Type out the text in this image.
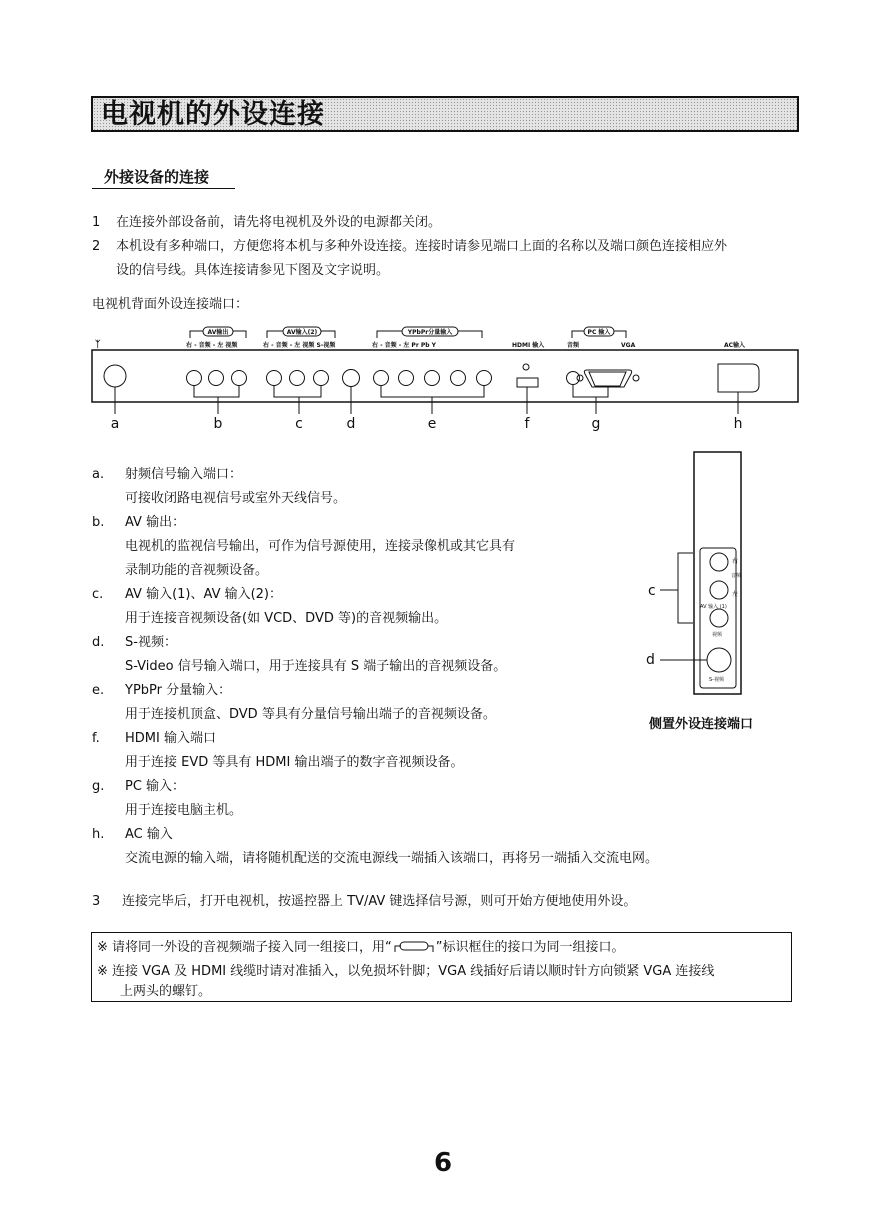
电视机的外设连接
外接设备的连接
1 在连接外部设备前，请先将电视机及外设的电源都关闭。
2 本机设有多种端口，方便您将本机与多种外设连接。连接时请参见端口上面的名称以及端口颜色连接相应外
设的信号线。具体连接请参见下图及文字说明。
电视机背面外设连接端口：
AV输出	AV输入(2)	YPbPr分量输入	PC 输入
ᛉ	右 - 音频 - 左 视频	右 - 音频 - 左 视频 S-视频	右 - 音频 - 左 Pr Pb Y	HDMI 输入	音频	VGA	AC输入
a	b	c	d	e	f	g	h
a. 射频信号输入端口：
可接收闭路电视信号或室外天线信号。
b. AV 输出：
电视机的监视信号输出，可作为信号源使用，连接录像机或其它具有
录制功能的音视频设备。
c. AV 输入(1)、AV 输入(2)：
用于连接音视频设备(如 VCD、DVD 等)的音视频输出。
d. S-视频：
S-Video 信号输入端口，用于连接具有 S 端子输出的音视频设备。
e. YPbPr 分量输入：
用于连接机顶盒、DVD 等具有分量信号输出端子的音视频设备。
f. HDMI 输入端口
用于连接 EVD 等具有 HDMI 输出端子的数字音视频设备。
g. PC 输入：
用于连接电脑主机。
h. AC 输入
交流电源的输入端，请将随机配送的交流电源线一端插入该端口，再将另一端插入交流电网。
c
d
右
音频
左
AV 输入 (1)
视频
S-视频
侧置外设连接端口
3 连接完毕后，打开电视机，按遥控器上 TV/AV 键选择信号源，则可开始方便地使用外设。
※ 请将同一外设的音视频端子接入同一组接口，用“	”标识框住的接口为同一组接口。
※ 连接 VGA 及 HDMI 线缆时请对准插入，以免损坏针脚；VGA 线插好后请以顺时针方向锁紧 VGA 连接线
上两头的螺钉。
6
